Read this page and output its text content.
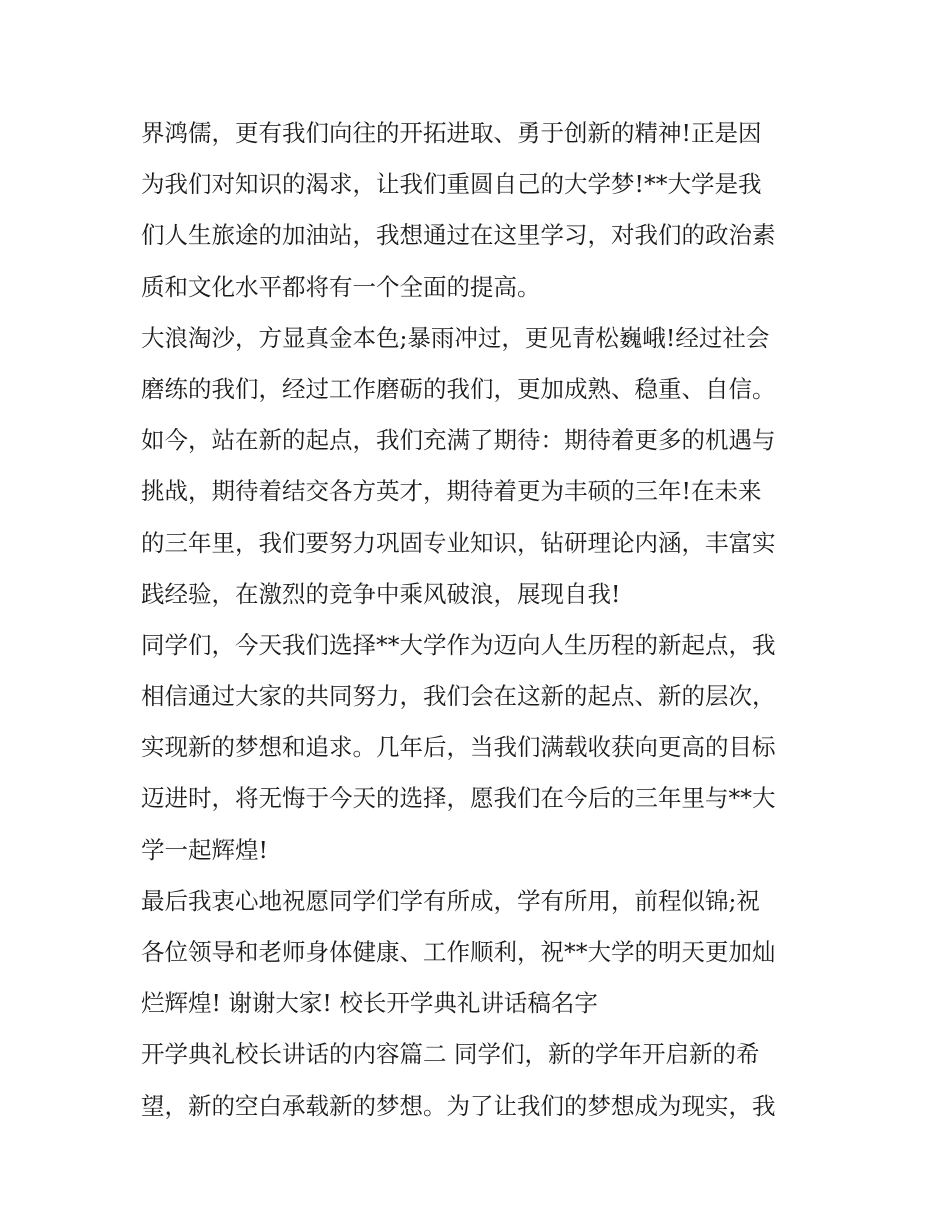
界鸿儒，更有我们向往的开拓进取、勇于创新的精神!正是因
为我们对知识的渴求，让我们重圆自己的大学梦!**大学是我
们人生旅途的加油站，我想通过在这里学习，对我们的政治素
质和文化水平都将有一个全面的提高。
大浪淘沙，方显真金本色;暴雨冲过，更见青松巍峨!经过社会
磨练的我们，经过工作磨砺的我们，更加成熟、稳重、自信。
如今，站在新的起点，我们充满了期待：期待着更多的机遇与
挑战，期待着结交各方英才，期待着更为丰硕的三年!在未来
的三年里，我们要努力巩固专业知识，钻研理论内涵，丰富实
践经验，在激烈的竞争中乘风破浪，展现自我!
同学们，今天我们选择**大学作为迈向人生历程的新起点，我
相信通过大家的共同努力，我们会在这新的起点、新的层次，
实现新的梦想和追求。几年后，当我们满载收获向更高的目标
迈进时，将无悔于今天的选择，愿我们在今后的三年里与**大
学一起辉煌!
最后我衷心地祝愿同学们学有所成，学有所用，前程似锦;祝
各位领导和老师身体健康、工作顺利，祝**大学的明天更加灿
烂辉煌! 谢谢大家! 校长开学典礼讲话稿名字
开学典礼校长讲话的内容篇二 同学们，新的学年开启新的希
望，新的空白承载新的梦想。为了让我们的梦想成为现实，我
